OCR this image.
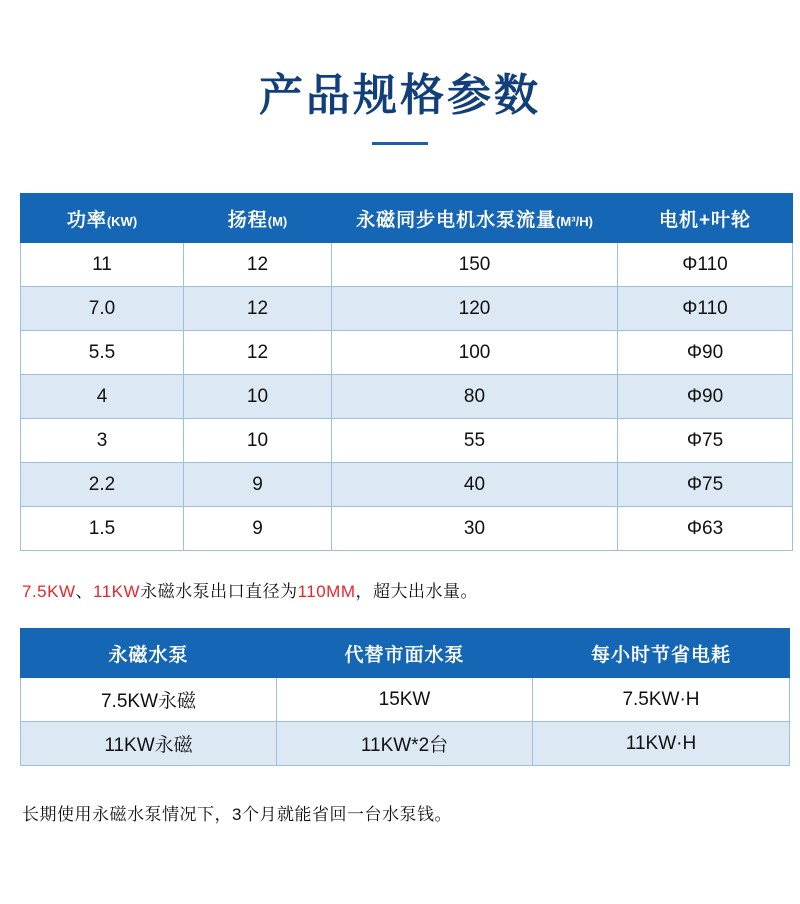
产品规格参数
功率(KW)	扬程(M)	永磁同步电机水泵流量(M³/H)	电机+叶轮
11	12	150	Φ110
7.0	12	120	Φ110
5.5	12	100	Φ90
4	10	80	Φ90
3	10	55	Φ75
2.2	9	40	Φ75
1.5	9	30	Φ63
7.5KW、11KW永磁水泵出口直径为110MM，超大出水量。
永磁水泵	代替市面水泵	每小时节省电耗
7.5KW永磁	15KW	7.5KW·H
11KW永磁	11KW*2台	11KW·H
长期使用永磁水泵情况下，3个月就能省回一台水泵钱。
